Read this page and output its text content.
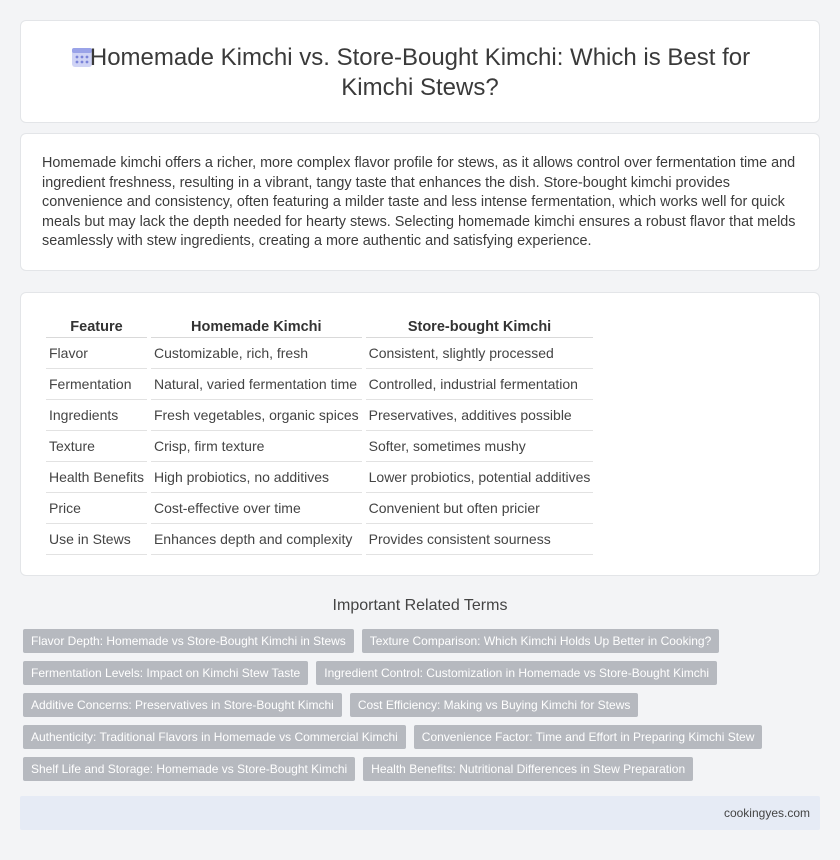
Homemade Kimchi vs. Store-Bought Kimchi: Which is Best for Kimchi Stews?

Homemade kimchi offers a richer, more complex flavor profile for stews, as it allows control over fermentation time and ingredient freshness, resulting in a vibrant, tangy taste that enhances the dish. Store-bought kimchi provides convenience and consistency, often featuring a milder taste and less intense fermentation, which works well for quick meals but may lack the depth needed for hearty stews. Selecting homemade kimchi ensures a robust flavor that melds seamlessly with stew ingredients, creating a more authentic and satisfying experience.

Feature	Homemade Kimchi	Store-bought Kimchi
Flavor	Customizable, rich, fresh	Consistent, slightly processed
Fermentation	Natural, varied fermentation time	Controlled, industrial fermentation
Ingredients	Fresh vegetables, organic spices	Preservatives, additives possible
Texture	Crisp, firm texture	Softer, sometimes mushy
Health Benefits	High probiotics, no additives	Lower probiotics, potential additives
Price	Cost-effective over time	Convenient but often pricier
Use in Stews	Enhances depth and complexity	Provides consistent sourness
Important Related Terms
Flavor Depth: Homemade vs Store-Bought Kimchi in Stews	Texture Comparison: Which Kimchi Holds Up Better in Cooking?
Fermentation Levels: Impact on Kimchi Stew Taste	Ingredient Control: Customization in Homemade vs Store-Bought Kimchi
Additive Concerns: Preservatives in Store-Bought Kimchi	Cost Efficiency: Making vs Buying Kimchi for Stews
Authenticity: Traditional Flavors in Homemade vs Commercial Kimchi	Convenience Factor: Time and Effort in Preparing Kimchi Stew
Shelf Life and Storage: Homemade vs Store-Bought Kimchi	Health Benefits: Nutritional Differences in Stew Preparation
cookingyes.com
